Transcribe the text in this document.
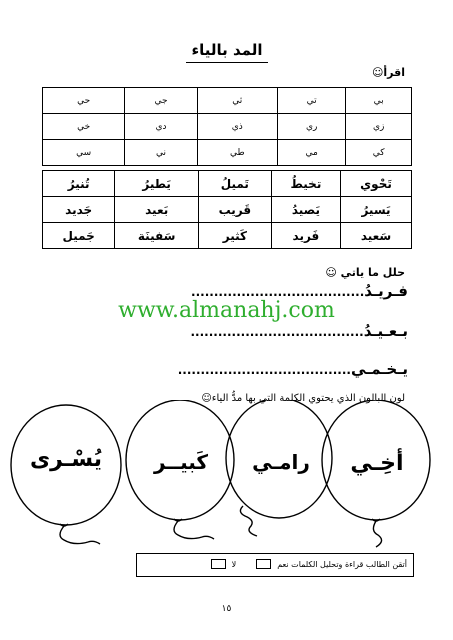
المد بالياء
اقرأ☺
بي	تي	ثي	جي	حي
زي	ري	ذي	دي	خي
كي	مي	طي	ني	سي
تَحْوي	تخيطُ	تَميلُ	يَطيرُ	تُنيرُ
يَسيرُ	يَصيدُ	قَريب	بَعيد	جَديد
سَعيد	فَريد	كَثير	سَفينَة	جَميل
حلل ما ياتي ☺
فـريـدُ......................................
www.almanahj.com
بـعـيـدُ......................................
يـخـمـي......................................
لون البالون الذي يحتوي الكلمة التي بها مدُّ الياء☺
يُسْـرى	كَبيــر	رامـي	أخِـي
أتقن الطالب قراءة وتحليل الكلمات نعم
لا
١٥
